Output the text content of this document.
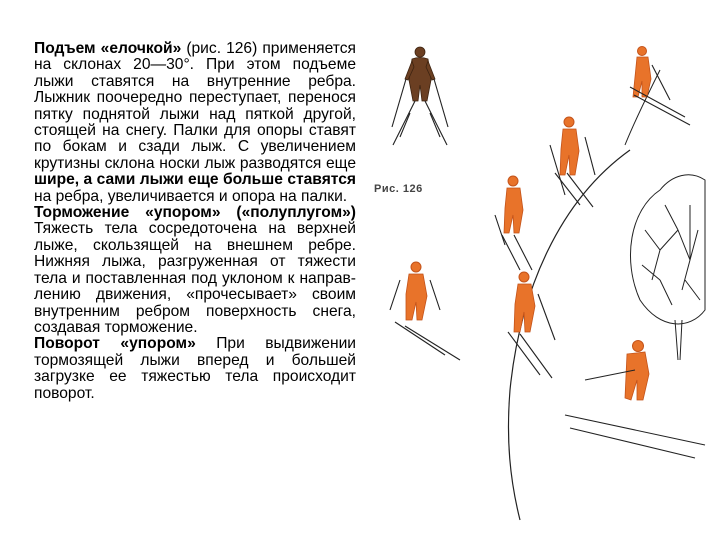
Подъем «елочкой» (рис. 126) применяется на склонах 20—30°. При этом подъеме лыжи ставятся на внутренние ребра. Лыжник поочередно переступает, перенося пятку поднятой лыжи над пяткой другой, стоящей на снегу. Палки для опоры ставят по бокам и сзади лыж. С увеличением крутизны склона носки лыж разводятся еще шире, а сами лыжи еще больше ставятся на ребра, увеличивается и опора на палки.

Торможение «упором» («полуплугом») Тяжесть тела сосредоточена на верхней лыже, скользящей на внешнем ребре. Нижняя лыжа, разгруженная от тяжести тела и поставленная под уклоном к направ-лению движения, «прочесывает» своим внутренним ребром поверхность снега, создавая торможение.

Поворот «упором» При выдвижении тормозящей лыжи вперед и большей загрузке ее тяжестью тела происходит поворот.

Рис. 126
